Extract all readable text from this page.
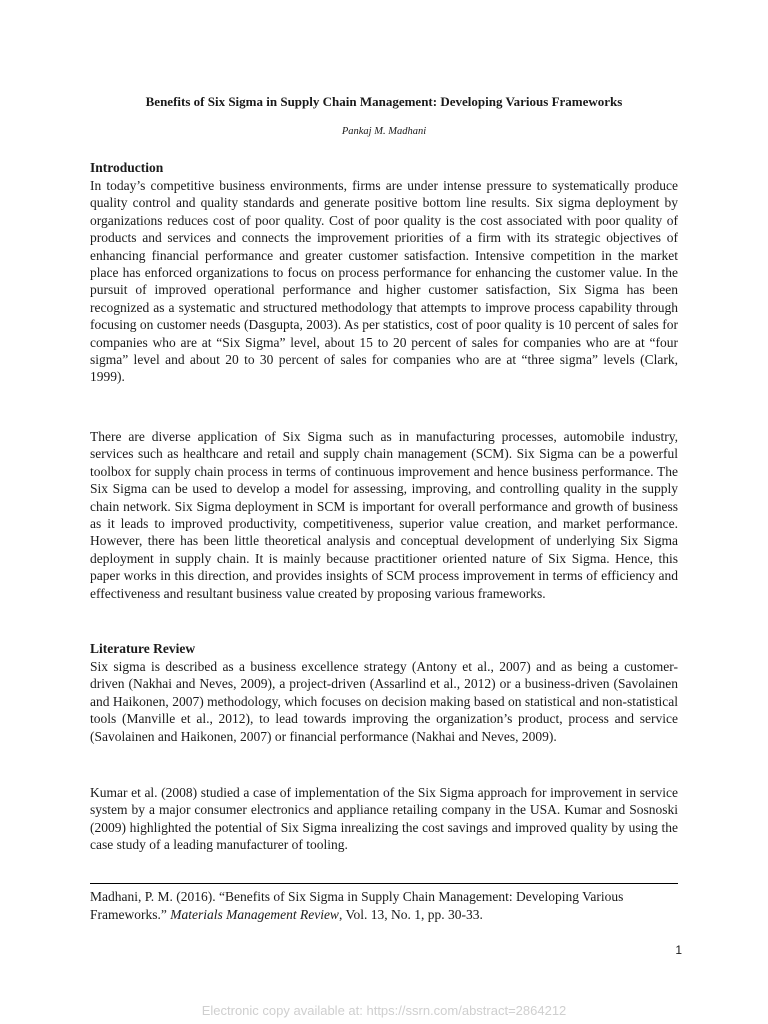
Benefits of Six Sigma in Supply Chain Management: Developing Various Frameworks
Pankaj M. Madhani
Introduction

In today’s competitive business environments, firms are under intense pressure to systematically produce quality control and quality standards and generate positive bottom line results. Six sigma deployment by organizations reduces cost of poor quality. Cost of poor quality is the cost associated with poor quality of products and services and connects the improvement priorities of a firm with its strategic objectives of enhancing financial performance and greater customer satisfaction. Intensive competition in the market place has enforced organizations to focus on process performance for enhancing the customer value. In the pursuit of improved operational performance and higher customer satisfaction, Six Sigma has been recognized as a systematic and structured methodology that attempts to improve process capability through focusing on customer needs (Dasgupta, 2003). As per statistics, cost of poor quality is 10 percent of sales for companies who are at “Six Sigma” level, about 15 to 20 percent of sales for companies who are at “four sigma” level and about 20 to 30 percent of sales for companies who are at “three sigma” levels (Clark, 1999).

There are diverse application of Six Sigma such as in manufacturing processes, automobile industry, services such as healthcare and retail and supply chain management (SCM). Six Sigma can be a powerful toolbox for supply chain process in terms of continuous improvement and hence business performance. The Six Sigma can be used to develop a model for assessing, improving, and controlling quality in the supply chain network. Six Sigma deployment in SCM is important for overall performance and growth of business as it leads to improved productivity, competitiveness, superior value creation, and market performance. However, there has been little theoretical analysis and conceptual development of underlying Six Sigma deployment in supply chain. It is mainly because practitioner oriented nature of Six Sigma. Hence, this paper works in this direction, and provides insights of SCM process improvement in terms of efficiency and effectiveness and resultant business value created by proposing various frameworks.

Literature Review

Six sigma is described as a business excellence strategy (Antony et al., 2007) and as being a customer-driven (Nakhai and Neves, 2009), a project-driven (Assarlind et al., 2012) or a business-driven (Savolainen and Haikonen, 2007) methodology, which focuses on decision making based on statistical and non-statistical tools (Manville et al., 2012), to lead towards improving the organization’s product, process and service (Savolainen and Haikonen, 2007) or financial performance (Nakhai and Neves, 2009).

Kumar et al. (2008) studied a case of implementation of the Six Sigma approach for improvement in service system by a major consumer electronics and appliance retailing company in the USA. Kumar and Sosnoski (2009) highlighted the potential of Six Sigma inrealizing the cost savings and improved quality by using the case study of a leading manufacturer of tooling.

Madhani, P. M. (2016). “Benefits of Six Sigma in Supply Chain Management: Developing Various Frameworks.” Materials Management Review, Vol. 13, No. 1, pp. 30-33.

1
Electronic copy available at: https://ssrn.com/abstract=2864212
